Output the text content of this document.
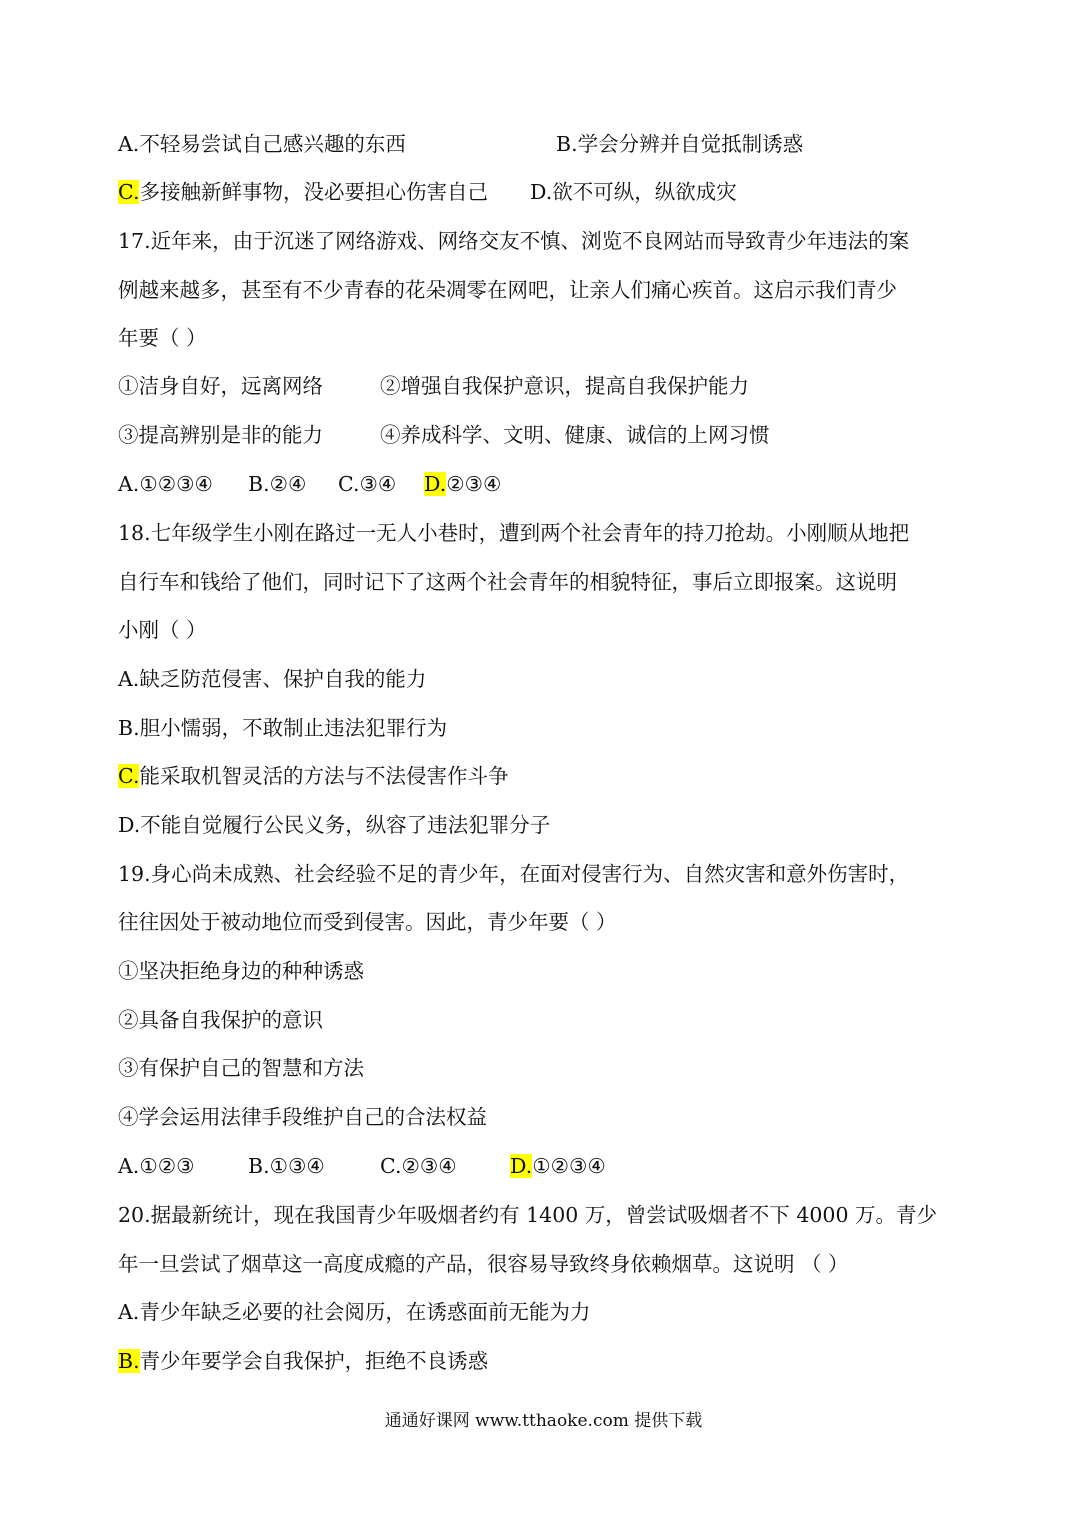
A.不轻易尝试自己感兴趣的东西	B.学会分辨并自觉抵制诱惑
C.多接触新鲜事物，没必要担心伤害自己 D.欲不可纵，纵欲成灾

17.近年来，由于沉迷了网络游戏、网络交友不慎、浏览不良网站而导致青少年违法的案

例越来越多，甚至有不少青春的花朵凋零在网吧，让亲人们痛心疾首。这启示我们青少

年要（ ）

①洁身自好，远离网络	②增强自我保护意识，提高自我保护能力
③提高辨别是非的能力	④养成科学、文明、健康、诚信的上网习惯
A.①②③④ B.②④ C.③④ D.②③④

18.七年级学生小刚在路过一无人小巷时，遭到两个社会青年的持刀抢劫。小刚顺从地把

自行车和钱给了他们，同时记下了这两个社会青年的相貌特征，事后立即报案。这说明

小刚（ ）

A.缺乏防范侵害、保护自我的能力

B.胆小懦弱，不敢制止违法犯罪行为

C.能采取机智灵活的方法与不法侵害作斗争

D.不能自觉履行公民义务，纵容了违法犯罪分子

19.身心尚未成熟、社会经验不足的青少年，在面对侵害行为、自然灾害和意外伤害时，

往往因处于被动地位而受到侵害。因此，青少年要（ ）

①坚决拒绝身边的种种诱惑

②具备自我保护的意识

③有保护自己的智慧和方法

④学会运用法律手段维护自己的合法权益

A.①②③	B.①③④	C.②③④	D.①②③④

20.据最新统计，现在我国青少年吸烟者约有 1400 万，曾尝试吸烟者不下 4000 万。青少

年一旦尝试了烟草这一高度成瘾的产品，很容易导致终身依赖烟草。这说明 （ ）

A.青少年缺乏必要的社会阅历，在诱惑面前无能为力

B.青少年要学会自我保护，拒绝不良诱惑

通通好课网 www.tthaoke.com 提供下载
